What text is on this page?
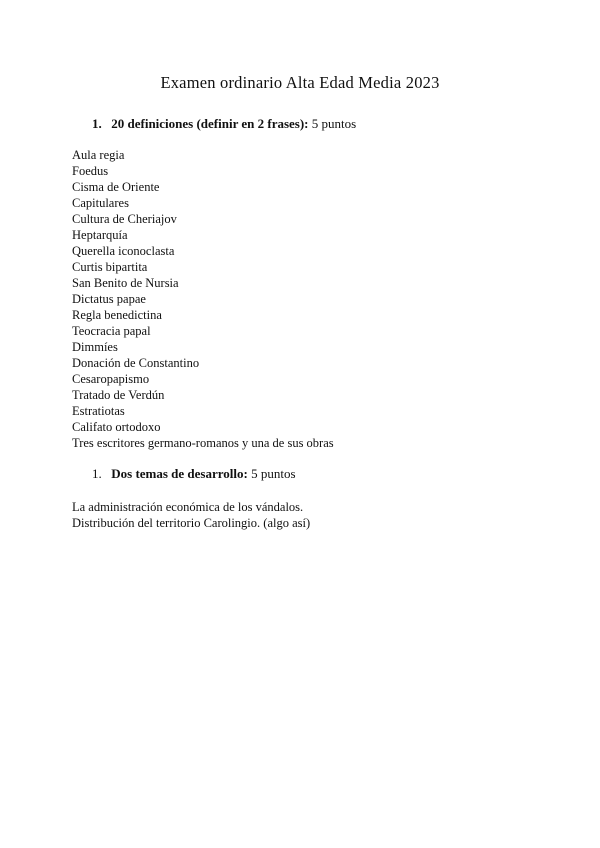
Examen ordinario Alta Edad Media 2023
1. 20 definiciones (definir en 2 frases): 5 puntos
Aula regia
Foedus
Cisma de Oriente
Capitulares
Cultura de Cheriajov
Heptarquía
Querella iconoclasta
Curtis bipartita
San Benito de Nursia
Dictatus papae
Regla benedictina
Teocracia papal
Dimmíes
Donación de Constantino
Cesaropapismo
Tratado de Verdún
Estratiotas
Califato ortodoxo
Tres escritores germano-romanos y una de sus obras
1. Dos temas de desarrollo: 5 puntos
La administración económica de los vándalos.
Distribución del territorio Carolingio. (algo así)
